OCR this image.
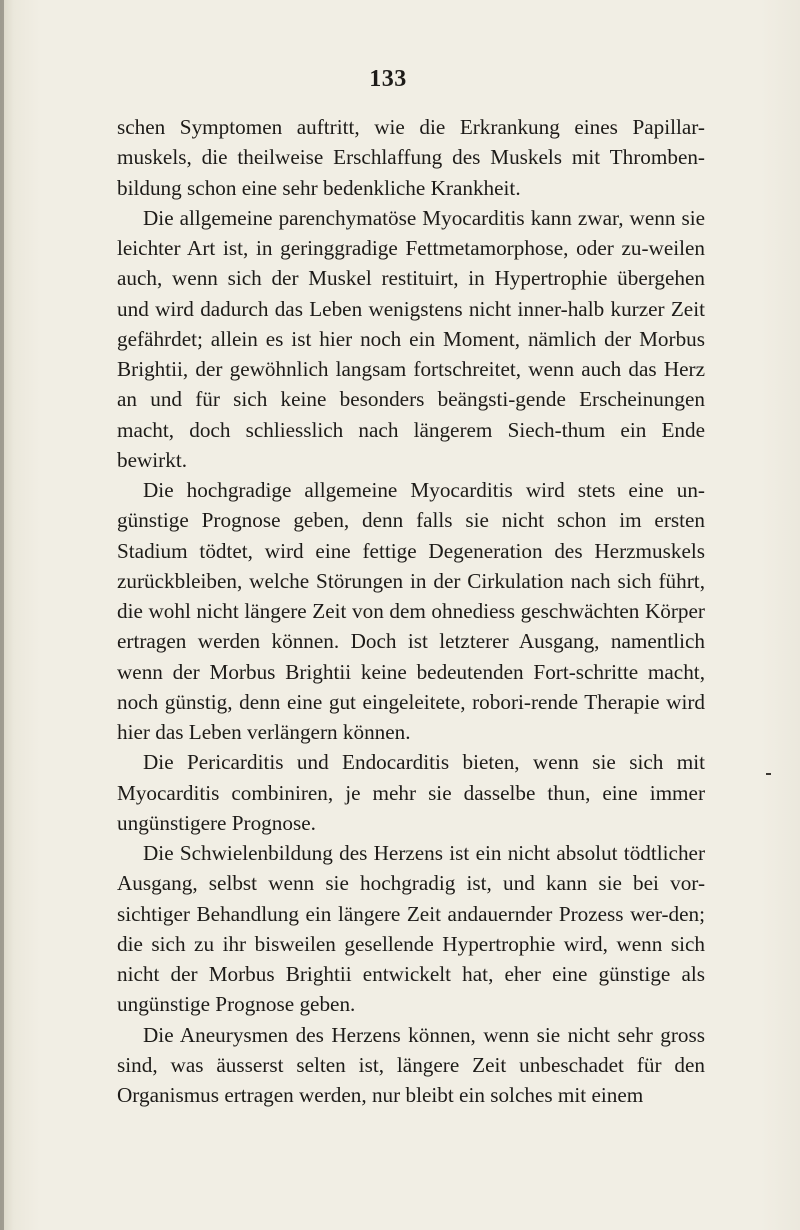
133

schen Symptomen auftritt, wie die Erkrankung eines Papillar-muskels, die theilweise Erschlaffung des Muskels mit Thromben-bildung schon eine sehr bedenkliche Krankheit.

Die allgemeine parenchymatöse Myocarditis kann zwar, wenn sie leichter Art ist, in geringgradige Fettmetamorphose, oder zu-weilen auch, wenn sich der Muskel restituirt, in Hypertrophie übergehen und wird dadurch das Leben wenigstens nicht inner-halb kurzer Zeit gefährdet; allein es ist hier noch ein Moment, nämlich der Morbus Brightii, der gewöhnlich langsam fortschreitet, wenn auch das Herz an und für sich keine besonders beängsti-gende Erscheinungen macht, doch schliesslich nach längerem Siech-thum ein Ende bewirkt.

Die hochgradige allgemeine Myocarditis wird stets eine un-günstige Prognose geben, denn falls sie nicht schon im ersten Stadium tödtet, wird eine fettige Degeneration des Herzmuskels zurückbleiben, welche Störungen in der Cirkulation nach sich führt, die wohl nicht längere Zeit von dem ohnediess geschwächten Körper ertragen werden können. Doch ist letzterer Ausgang, namentlich wenn der Morbus Brightii keine bedeutenden Fort-schritte macht, noch günstig, denn eine gut eingeleitete, robori-rende Therapie wird hier das Leben verlängern können.

Die Pericarditis und Endocarditis bieten, wenn sie sich mit Myocarditis combiniren, je mehr sie dasselbe thun, eine immer ungünstigere Prognose.

Die Schwielenbildung des Herzens ist ein nicht absolut tödtlicher Ausgang, selbst wenn sie hochgradig ist, und kann sie bei vor-sichtiger Behandlung ein längere Zeit andauernder Prozess wer-den; die sich zu ihr bisweilen gesellende Hypertrophie wird, wenn sich nicht der Morbus Brightii entwickelt hat, eher eine günstige als ungünstige Prognose geben.

Die Aneurysmen des Herzens können, wenn sie nicht sehr gross sind, was äusserst selten ist, längere Zeit unbeschadet für den Organismus ertragen werden, nur bleibt ein solches mit einem
